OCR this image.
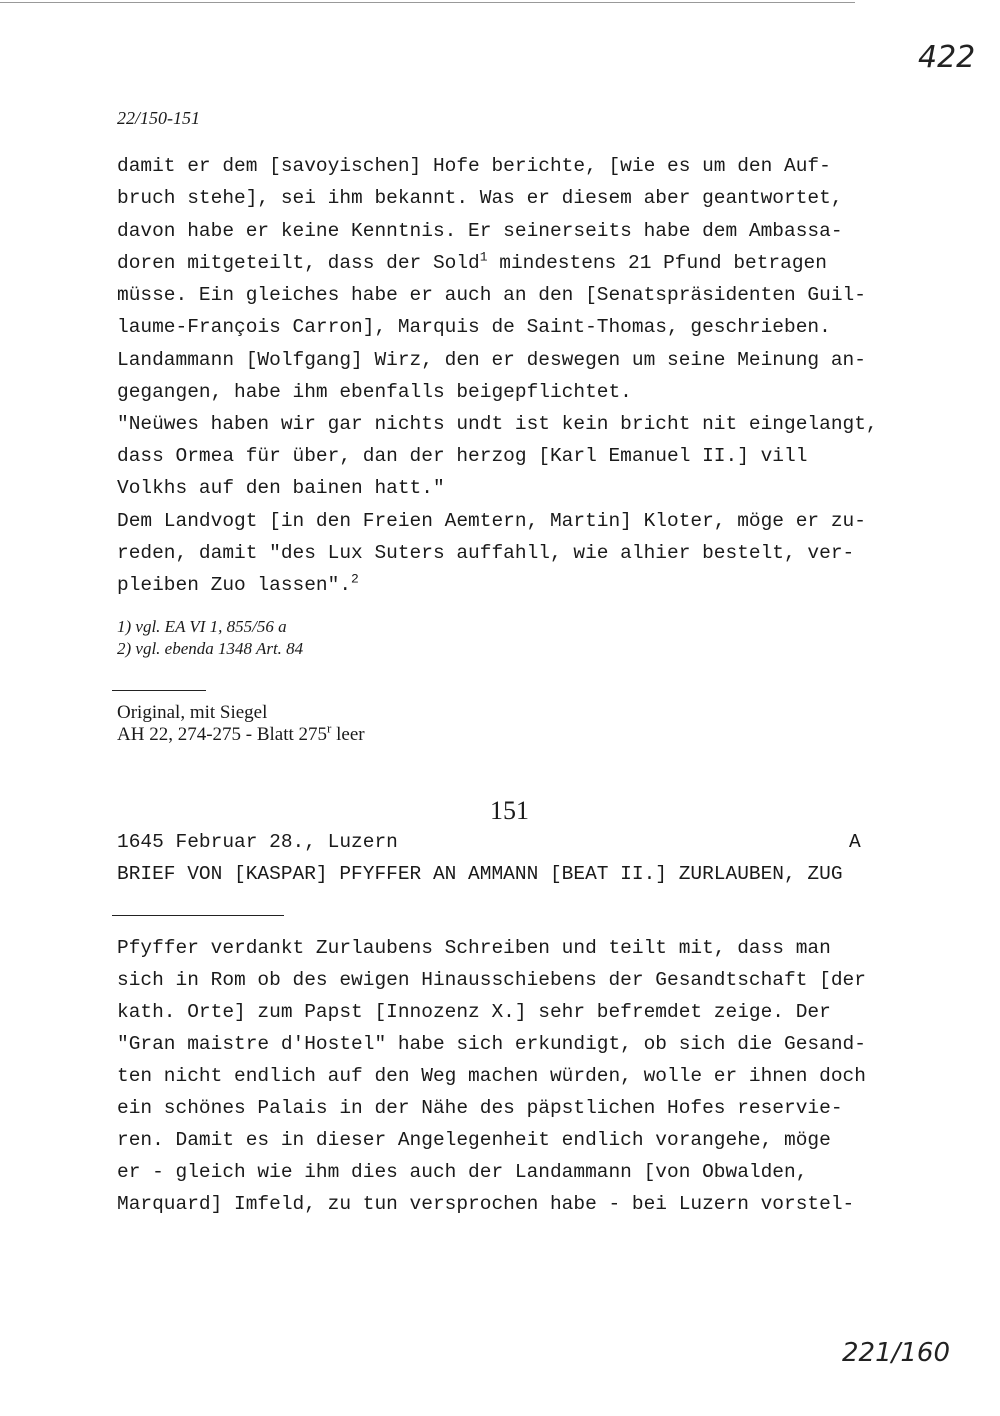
422
22/150-151
damit er dem [savoyischen] Hofe berichte, [wie es um den Auf-
bruch stehe], sei ihm bekannt. Was er diesem aber geantwortet,
davon habe er keine Kenntnis. Er seinerseits habe dem Ambassa-
doren mitgeteilt, dass der Sold$^1$ mindestens 21 Pfund betragen
müsse. Ein gleiches habe er auch an den [Senatspräsidenten Guil-
laume-François Carron], Marquis de Saint-Thomas, geschrieben.
Landammann [Wolfgang] Wirz, den er deswegen um seine Meinung an-
gegangen, habe ihm ebenfalls beigepflichtet.
"Neüwes haben wir gar nichts undt ist kein bricht nit eingelangt,
dass Ormea für über, dan der herzog [Karl Emanuel II.] vill
Volkhs auf den bainen hatt."
Dem Landvogt [in den Freien Aemtern, Martin] Kloter, möge er zu-
reden, damit "des Lux Suters auffahll, wie alhier bestelt, ver-
pleiben Zuo lassen".$^2$
1) vgl. EA VI 1, 855/56 a
2) vgl. ebenda 1348 Art. 84
Original, mit Siegel
AH 22, 274-275 - Blatt 275$^r$ leer
151
1645 Februar 28., Luzern	A
BRIEF VON [KASPAR] PFYFFER AN AMMANN [BEAT II.] ZURLAUBEN, ZUG
Pfyffer verdankt Zurlaubens Schreiben und teilt mit, dass man
sich in Rom ob des ewigen Hinausschiebens der Gesandtschaft [der
kath. Orte] zum Papst [Innozenz X.] sehr befremdet zeige. Der
"Gran maistre d'Hostel" habe sich erkundigt, ob sich die Gesand-
ten nicht endlich auf den Weg machen würden, wolle er ihnen doch
ein schönes Palais in der Nähe des päpstlichen Hofes reservie-
ren. Damit es in dieser Angelegenheit endlich vorangehe, möge
er - gleich wie ihm dies auch der Landammann [von Obwalden,
Marquard] Imfeld, zu tun versprochen habe - bei Luzern vorstel-
221/160
